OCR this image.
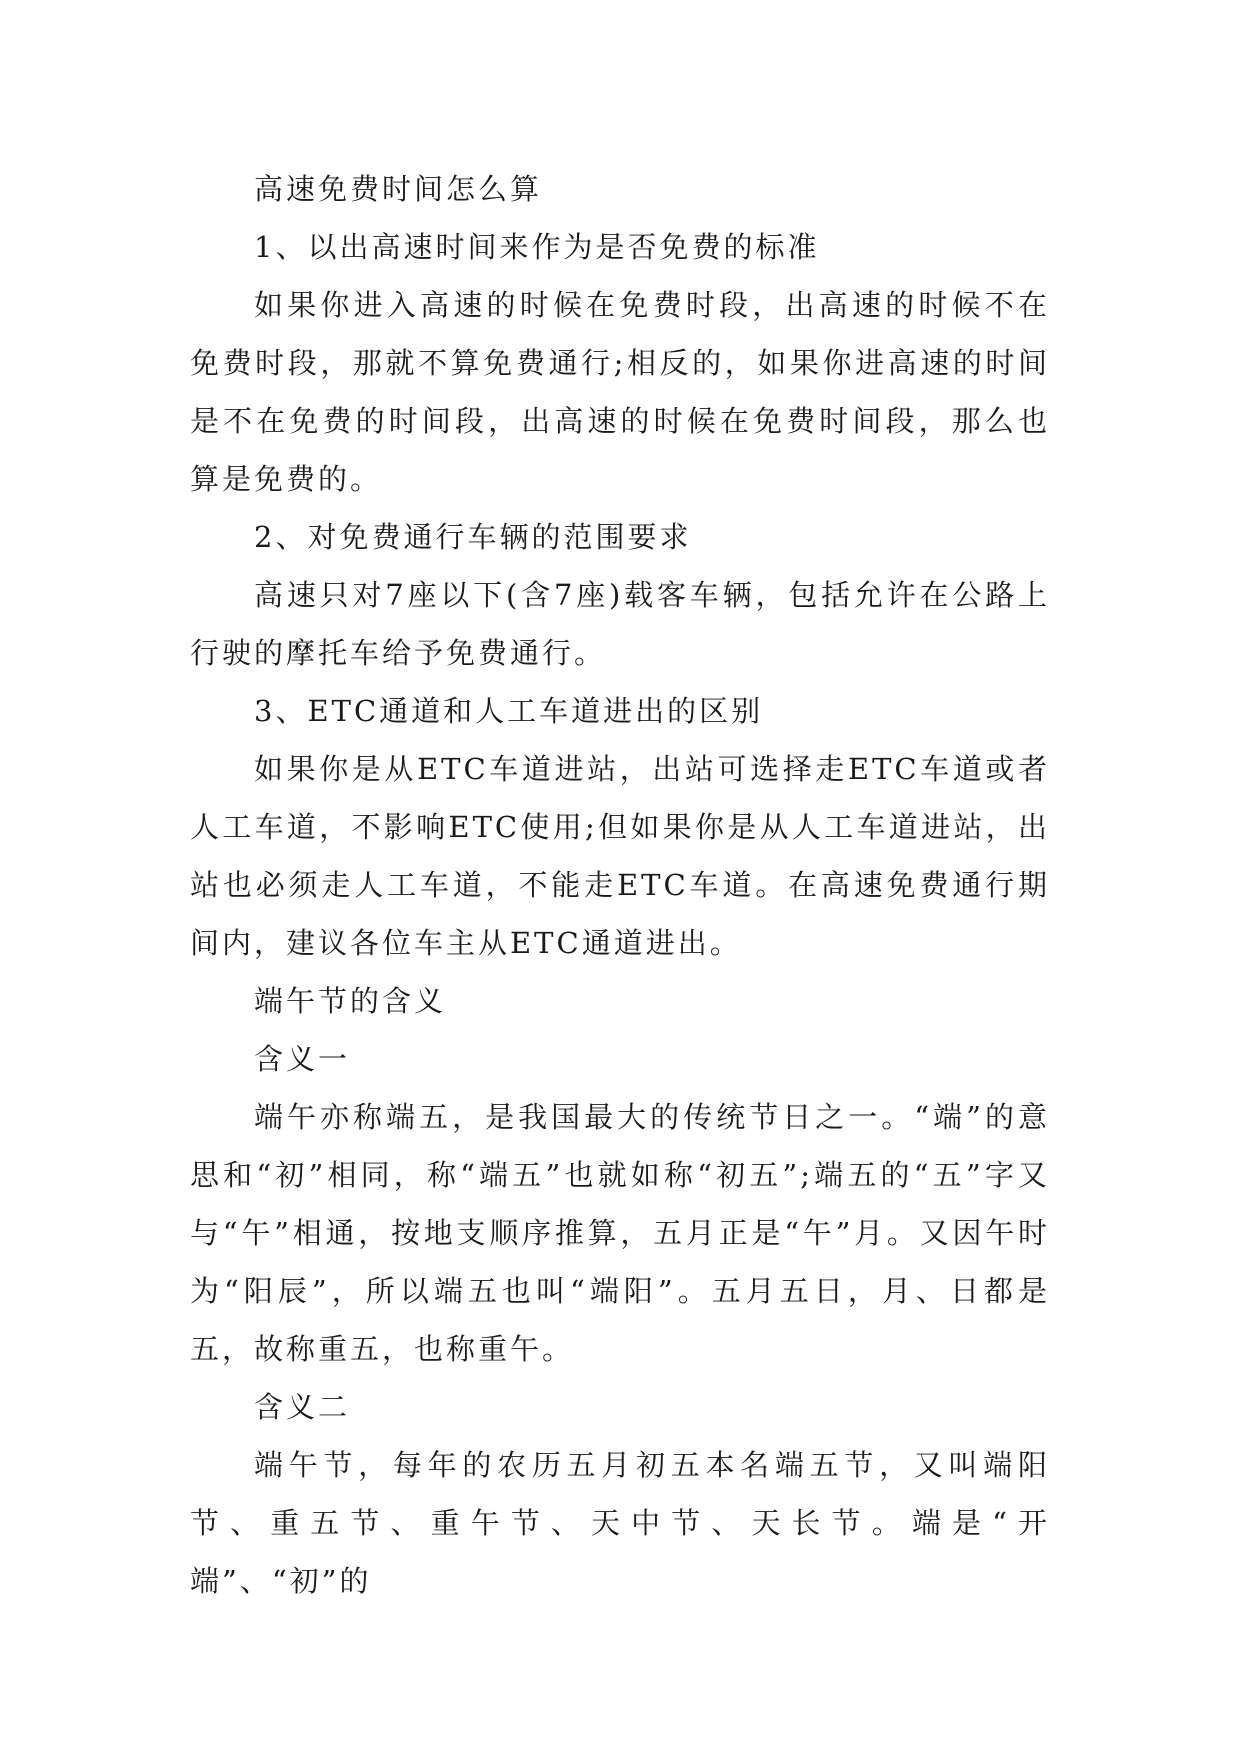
高速免费时间怎么算

1、以出高速时间来作为是否免费的标准

如果你进入高速的时候在免费时段，出高速的时候不在免费时段，那就不算免费通行;相反的，如果你进高速的时间是不在免费的时间段，出高速的时候在免费时间段，那么也算是免费的。

2、对免费通行车辆的范围要求

高速只对7座以下(含7座)载客车辆，包括允许在公路上行驶的摩托车给予免费通行。

3、ETC通道和人工车道进出的区别

如果你是从ETC车道进站，出站可选择走ETC车道或者人工车道，不影响ETC使用;但如果你是从人工车道进站，出站也必须走人工车道，不能走ETC车道。在高速免费通行期间内，建议各位车主从ETC通道进出。

端午节的含义

含义一

端午亦称端五，是我国最大的传统节日之一。“端”的意思和“初”相同，称“端五”也就如称“初五”;端五的“五”字又与“午”相通，按地支顺序推算，五月正是“午”月。又因午时为“阳辰”，所以端五也叫“端阳”。五月五日，月、日都是五，故称重五，也称重午。

含义二

端午节，每年的农历五月初五本名端五节，又叫端阳节、重五节、重午节、天中节、天长节。端是“开端”、“初”的
